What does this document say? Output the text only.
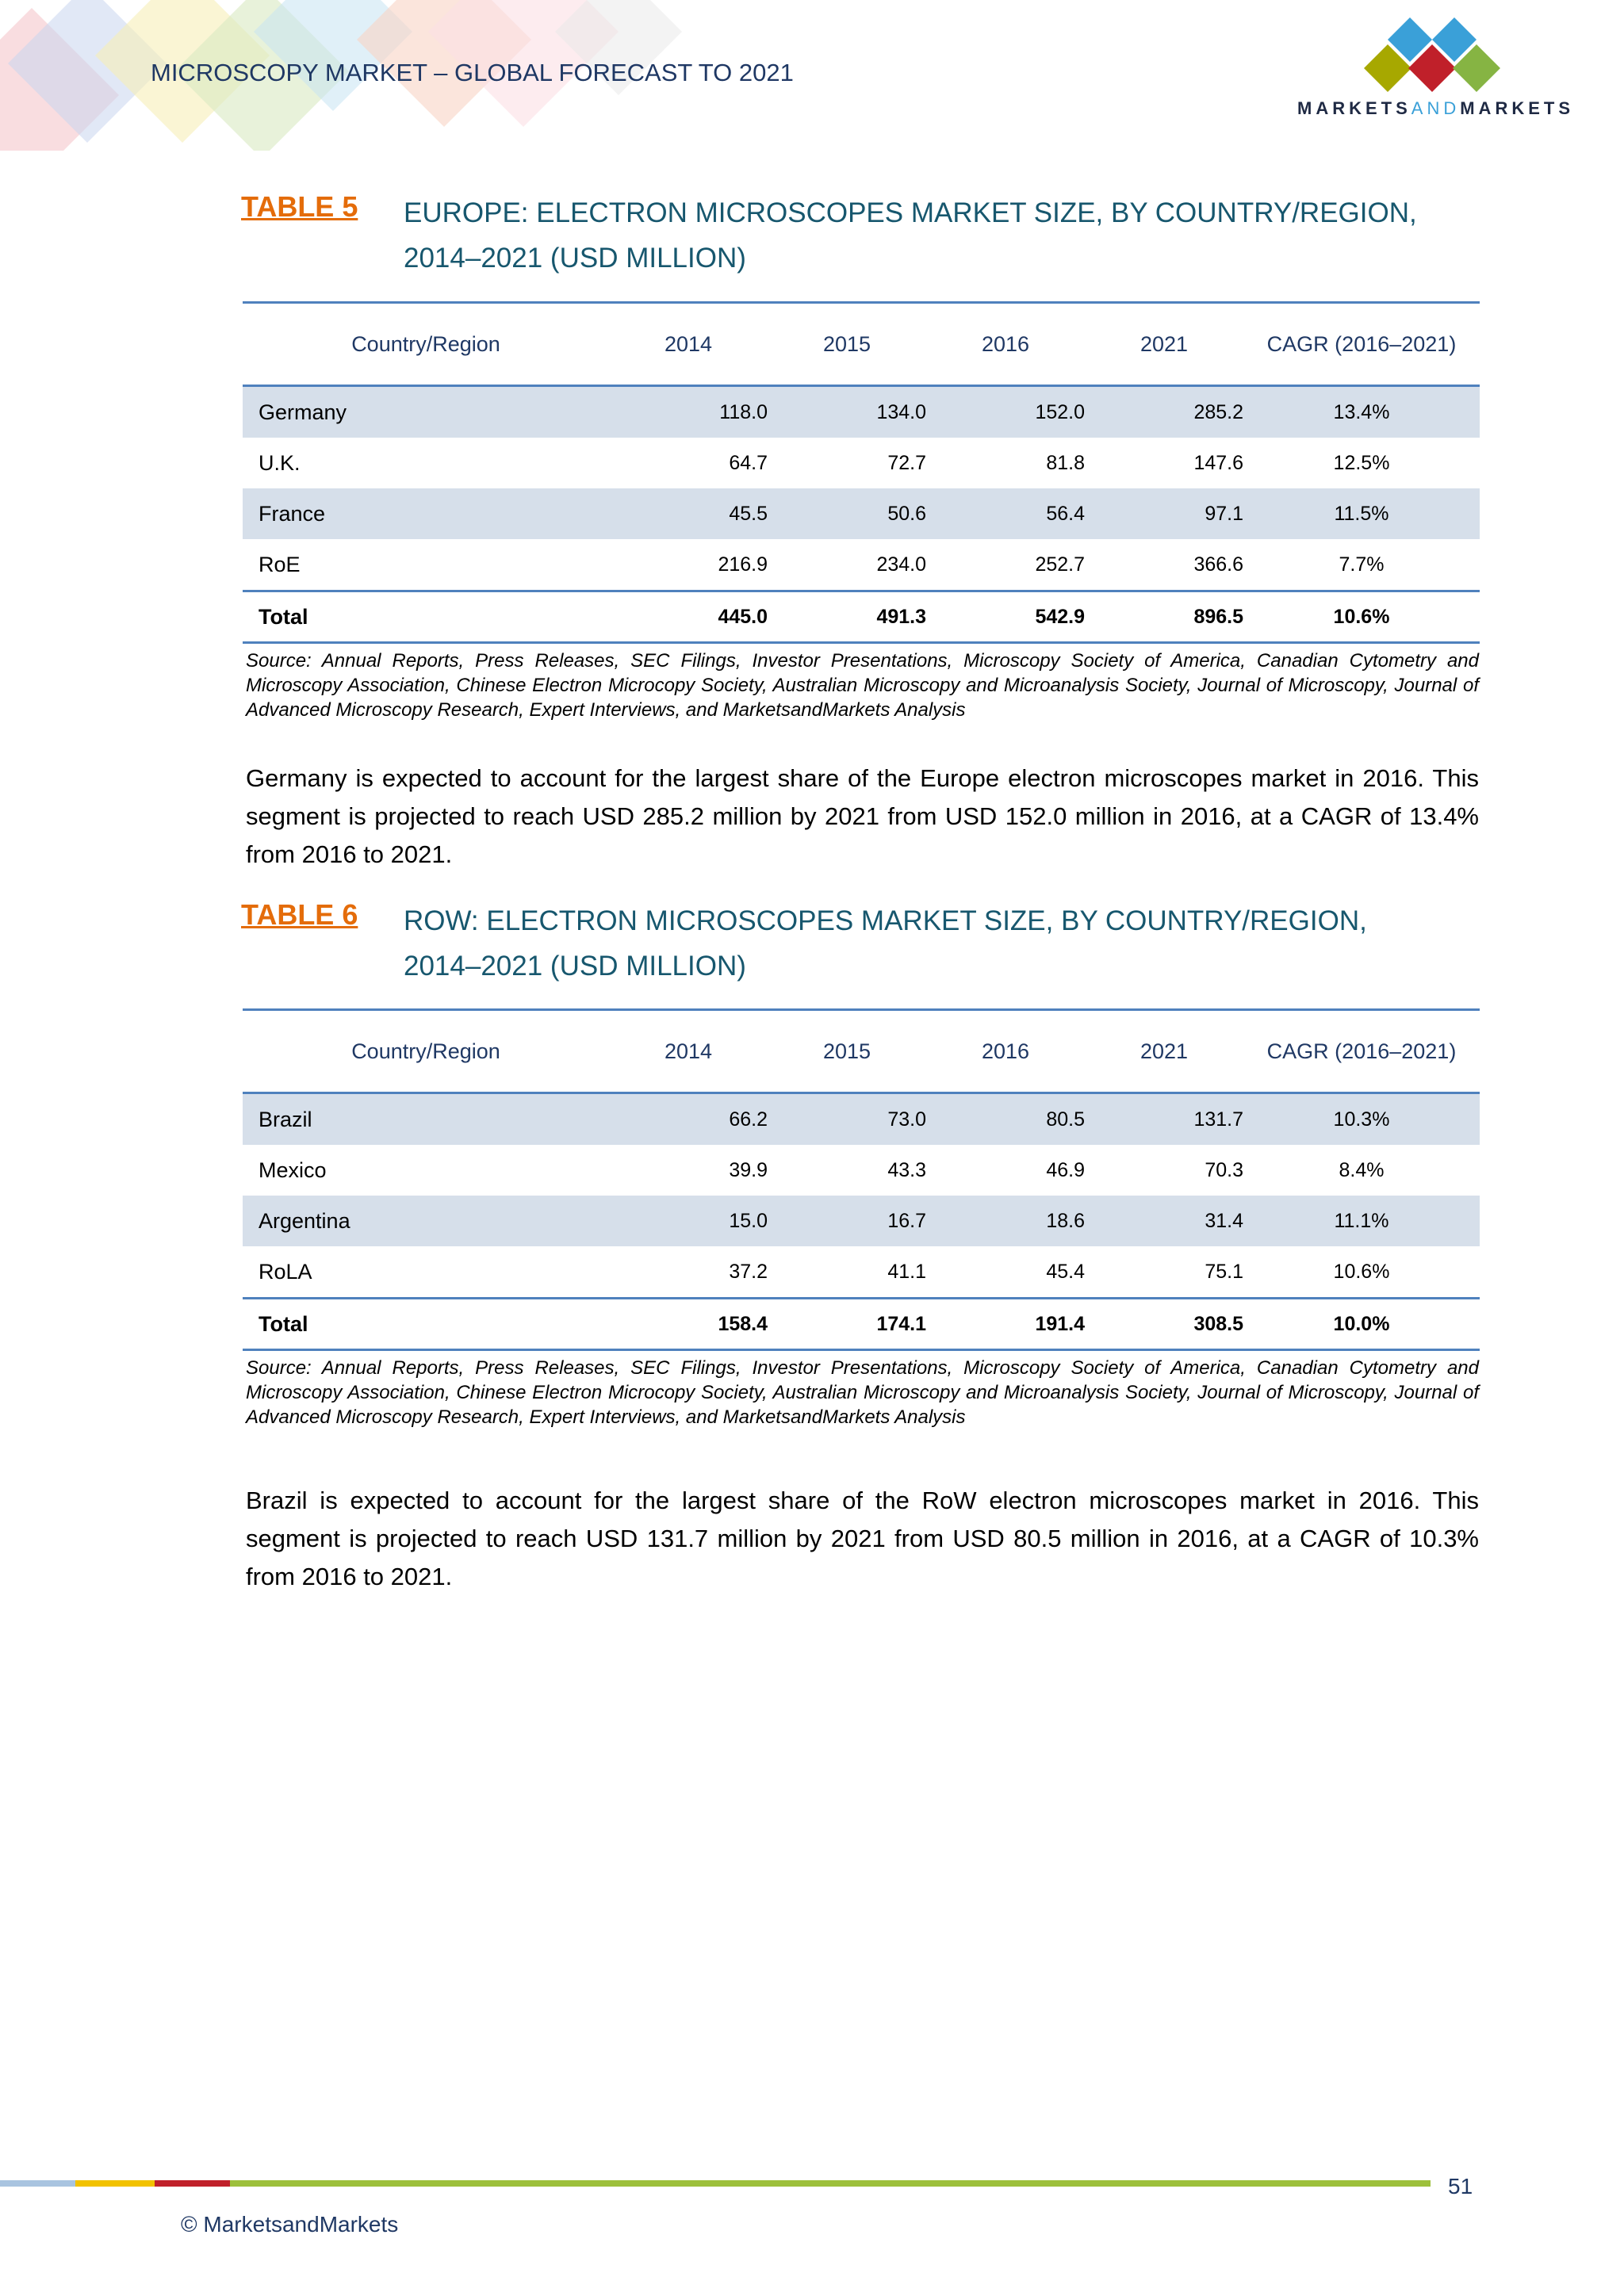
MICROSCOPY MARKET – GLOBAL FORECAST TO 2021
MARKETSANDMARKETS
TABLE 5 EUROPE: ELECTRON MICROSCOPES MARKET SIZE, BY COUNTRY/REGION, 2014–2021 (USD MILLION)
Country/Region	2014	2015	2016	2021	CAGR (2016–2021)
Germany	118.0	134.0	152.0	285.2	13.4%
U.K.	64.7	72.7	81.8	147.6	12.5%
France	45.5	50.6	56.4	97.1	11.5%
RoE	216.9	234.0	252.7	366.6	7.7%
Total	445.0	491.3	542.9	896.5	10.6%
Source: Annual Reports, Press Releases, SEC Filings, Investor Presentations, Microscopy Society of America, Canadian Cytometry and Microscopy Association, Chinese Electron Microcopy Society, Australian Microscopy and Microanalysis Society, Journal of Microscopy, Journal of Advanced Microscopy Research, Expert Interviews, and MarketsandMarkets Analysis
Germany is expected to account for the largest share of the Europe electron microscopes market in 2016. This segment is projected to reach USD 285.2 million by 2021 from USD 152.0 million in 2016, at a CAGR of 13.4% from 2016 to 2021.
TABLE 6 ROW: ELECTRON MICROSCOPES MARKET SIZE, BY COUNTRY/REGION, 2014–2021 (USD MILLION)
Country/Region	2014	2015	2016	2021	CAGR (2016–2021)
Brazil	66.2	73.0	80.5	131.7	10.3%
Mexico	39.9	43.3	46.9	70.3	8.4%
Argentina	15.0	16.7	18.6	31.4	11.1%
RoLA	37.2	41.1	45.4	75.1	10.6%
Total	158.4	174.1	191.4	308.5	10.0%
Source: Annual Reports, Press Releases, SEC Filings, Investor Presentations, Microscopy Society of America, Canadian Cytometry and Microscopy Association, Chinese Electron Microcopy Society, Australian Microscopy and Microanalysis Society, Journal of Microscopy, Journal of Advanced Microscopy Research, Expert Interviews, and MarketsandMarkets Analysis
Brazil is expected to account for the largest share of the RoW electron microscopes market in 2016. This segment is projected to reach USD 131.7 million by 2021 from USD 80.5 million in 2016, at a CAGR of 10.3% from 2016 to 2021.
51
© MarketsandMarkets
